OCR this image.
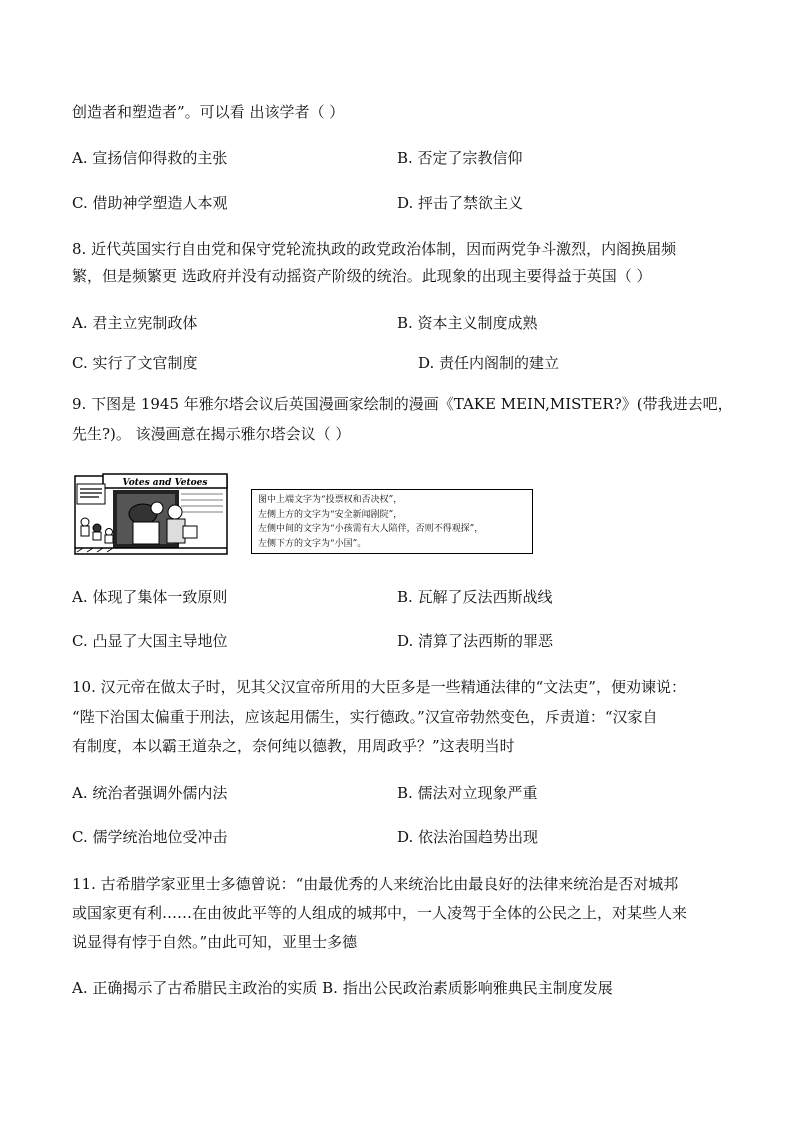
创造者和塑造者”。可以看 出该学者（ ）
A. 宣扬信仰得救的主张	B. 否定了宗教信仰
C. 借助神学塑造人本观	D. 抨击了禁欲主义
8. 近代英国实行自由党和保守党轮流执政的政党政治体制，因而两党争斗激烈，内阁换届频
繁，但是频繁更 选政府并没有动摇资产阶级的统治。此现象的出现主要得益于英国（ ）
A. 君主立宪制政体	B. 资本主义制度成熟
C. 实行了文官制度	D. 责任内阁制的建立
9. 下图是 1945 年雅尔塔会议后英国漫画家绘制的漫画《TAKE MEIN,MISTER?》(带我进去吧，
先生?)。 该漫画意在揭示雅尔塔会议（ ）
Votes and Vetoes
图中上端文字为“投票权和否决权”，
左侧上方的文字为“安全新闻剧院”，
左侧中间的文字为“小孩需有大人陪伴，否则不得观探”，
左侧下方的文字为“小国”。
A. 体现了集体一致原则	B. 瓦解了反法西斯战线
C. 凸显了大国主导地位	D. 清算了法西斯的罪恶
10. 汉元帝在做太子时，见其父汉宣帝所用的大臣多是一些精通法律的“文法吏”，便劝谏说：
“陛下治国太偏重于刑法，应该起用儒生，实行德政。”汉宣帝勃然变色，斥责道：“汉家自
有制度，本以霸王道杂之，奈何纯以德教，用周政乎？”这表明当时
A. 统治者强调外儒内法	B. 儒法对立现象严重
C. 儒学统治地位受冲击	D. 依法治国趋势出现
11. 古希腊学家亚里士多德曾说：“由最优秀的人来统治比由最良好的法律来统治是否对城邦
或国家更有利……在由彼此平等的人组成的城邦中，一人凌驾于全体的公民之上，对某些人来
说显得有悖于自然。”由此可知，亚里士多德
A. 正确揭示了古希腊民主政治的实质 B. 指出公民政治素质影响雅典民主制度发展
